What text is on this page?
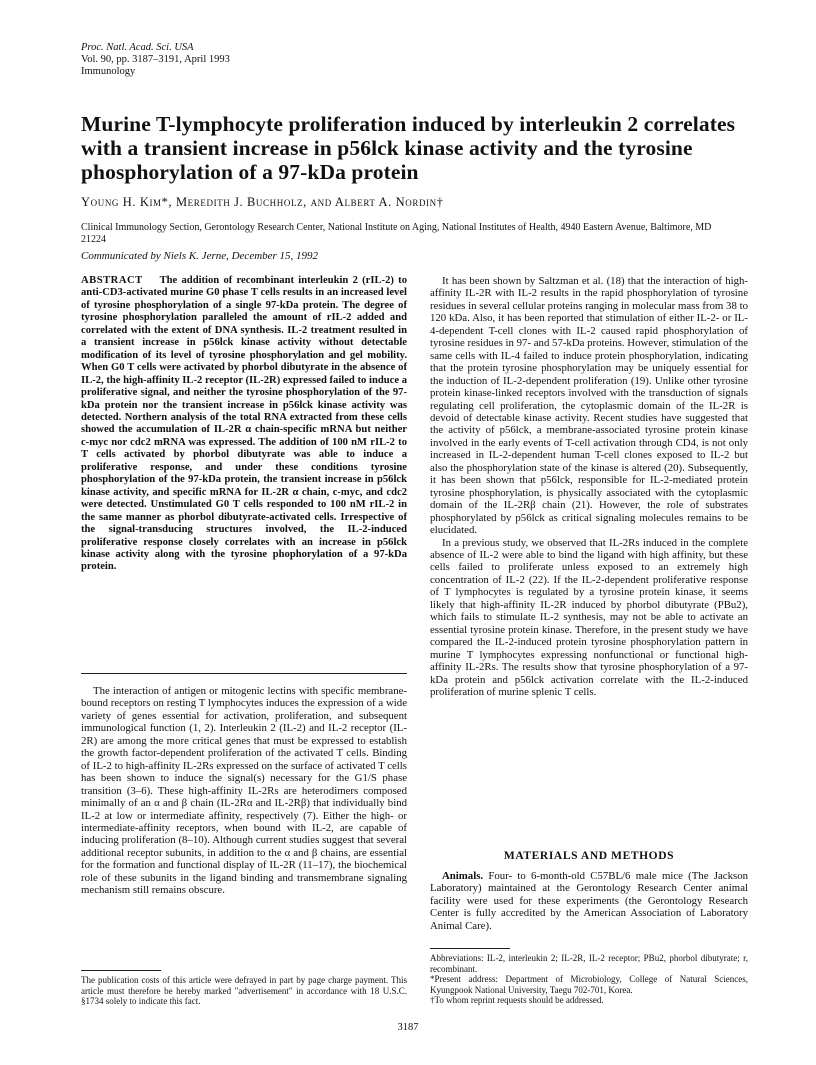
Proc. Natl. Acad. Sci. USA
Vol. 90, pp. 3187–3191, April 1993
Immunology
Murine T-lymphocyte proliferation induced by interleukin 2 correlates with a transient increase in p56lck kinase activity and the tyrosine phosphorylation of a 97-kDa protein
Young H. Kim*, Meredith J. Buchholz, and Albert A. Nordin†
Clinical Immunology Section, Gerontology Research Center, National Institute on Aging, National Institutes of Health, 4940 Eastern Avenue, Baltimore, MD 21224
Communicated by Niels K. Jerne, December 15, 1992
ABSTRACT The addition of recombinant interleukin 2 (rIL-2) to anti-CD3-activated murine G0 phase T cells results in an increased level of tyrosine phosphorylation of a single 97-kDa protein. The degree of tyrosine phosphorylation paralleled the amount of rIL-2 added and correlated with the extent of DNA synthesis. IL-2 treatment resulted in a transient increase in p56lck kinase activity without detectable modification of its level of tyrosine phosphorylation and gel mobility. When G0 T cells were activated by phorbol dibutyrate in the absence of IL-2, the high-affinity IL-2 receptor (IL-2R) expressed failed to induce a proliferative signal, and neither the tyrosine phosphorylation of the 97-kDa protein nor the transient increase in p56lck kinase activity was detected. Northern analysis of the total RNA extracted from these cells showed the accumulation of IL-2R α chain-specific mRNA but neither c-myc nor cdc2 mRNA was expressed. The addition of 100 nM rIL-2 to T cells activated by phorbol dibutyrate was able to induce a proliferative response, and under these conditions tyrosine phosphorylation of the 97-kDa protein, the transient increase in p56lck kinase activity, and specific mRNA for IL-2R α chain, c-myc, and cdc2 were detected. Unstimulated G0 T cells responded to 100 nM rIL-2 in the same manner as phorbol dibutyrate-activated cells. Irrespective of the signal-transducing structures involved, the IL-2-induced proliferative response closely correlates with an increase in p56lck kinase activity along with the tyrosine phophorylation of a 97-kDa protein.
The interaction of antigen or mitogenic lectins with specific membrane-bound receptors on resting T lymphocytes induces the expression of a wide variety of genes essential for activation, proliferation, and subsequent immunological function (1, 2). Interleukin 2 (IL-2) and IL-2 receptor (IL-2R) are among the more critical genes that must be expressed to establish the growth factor-dependent proliferation of the activated T cells. Binding of IL-2 to high-affinity IL-2Rs expressed on the surface of activated T cells has been shown to induce the signal(s) necessary for the G1/S phase transition (3–6). These high-affinity IL-2Rs are heterodimers composed minimally of an α and β chain (IL-2Rα and IL-2Rβ) that individually bind IL-2 at low or intermediate affinity, respectively (7). Either the high- or intermediate-affinity receptors, when bound with IL-2, are capable of inducing proliferation (8–10). Although current studies suggest that several additional receptor subunits, in addition to the α and β chains, are essential for the formation and functional display of IL-2R (11–17), the biochemical role of these subunits in the ligand binding and transmembrane signaling mechanism still remains obscure.
The publication costs of this article were defrayed in part by page charge payment. This article must therefore be hereby marked "advertisement" in accordance with 18 U.S.C. §1734 solely to indicate this fact.

It has been shown by Saltzman et al. (18) that the interaction of high-affinity IL-2R with IL-2 results in the rapid phosphorylation of tyrosine residues in several cellular proteins ranging in molecular mass from 38 to 120 kDa. Also, it has been reported that stimulation of either IL-2- or IL-4-dependent T-cell clones with IL-2 caused rapid phosphorylation of tyrosine residues in 97- and 57-kDa proteins. However, stimulation of the same cells with IL-4 failed to induce protein phosphorylation, indicating that the protein tyrosine phosphorylation may be uniquely essential for the induction of IL-2-dependent proliferation (19). Unlike other tyrosine protein kinase-linked receptors involved with the transduction of signals regulating cell proliferation, the cytoplasmic domain of the IL-2R is devoid of detectable kinase activity. Recent studies have suggested that the activity of p56lck, a membrane-associated tyrosine protein kinase involved in the early events of T-cell activation through CD4, is not only increased in IL-2-dependent human T-cell clones exposed to IL-2 but also the phosphorylation state of the kinase is altered (20). Subsequently, it has been shown that p56lck, responsible for IL-2-mediated protein tyrosine phosphorylation, is physically associated with the cytoplasmic domain of the IL-2Rβ chain (21). However, the role of substrates phosphorylated by p56lck as critical signaling molecules remains to be elucidated.

In a previous study, we observed that IL-2Rs induced in the complete absence of IL-2 were able to bind the ligand with high affinity, but these cells failed to proliferate unless exposed to an extremely high concentration of IL-2 (22). If the IL-2-dependent proliferative response of T lymphocytes is regulated by a tyrosine protein kinase, it seems likely that high-affinity IL-2R induced by phorbol dibutyrate (PBu2), which fails to stimulate IL-2 synthesis, may not be able to activate an essential tyrosine protein kinase. Therefore, in the present study we have compared the IL-2-induced protein tyrosine phosphorylation pattern in murine T lymphocytes expressing nonfunctional or functional high-affinity IL-2Rs. The results show that tyrosine phosphorylation of a 97-kDa protein and p56lck activation correlate with the IL-2-induced proliferation of murine splenic T cells.

MATERIALS AND METHODS
Animals. Four- to 6-month-old C57BL/6 male mice (The Jackson Laboratory) maintained at the Gerontology Research Center animal facility were used for these experiments (the Gerontology Research Center is fully accredited by the American Association of Laboratory Animal Care).
Abbreviations: IL-2, interleukin 2; IL-2R, IL-2 receptor; PBu2, phorbol dibutyrate; r, recombinant.
*Present address: Department of Microbiology, College of Natural Sciences, Kyungpook National University, Taegu 702-701, Korea.
†To whom reprint requests should be addressed.
3187
